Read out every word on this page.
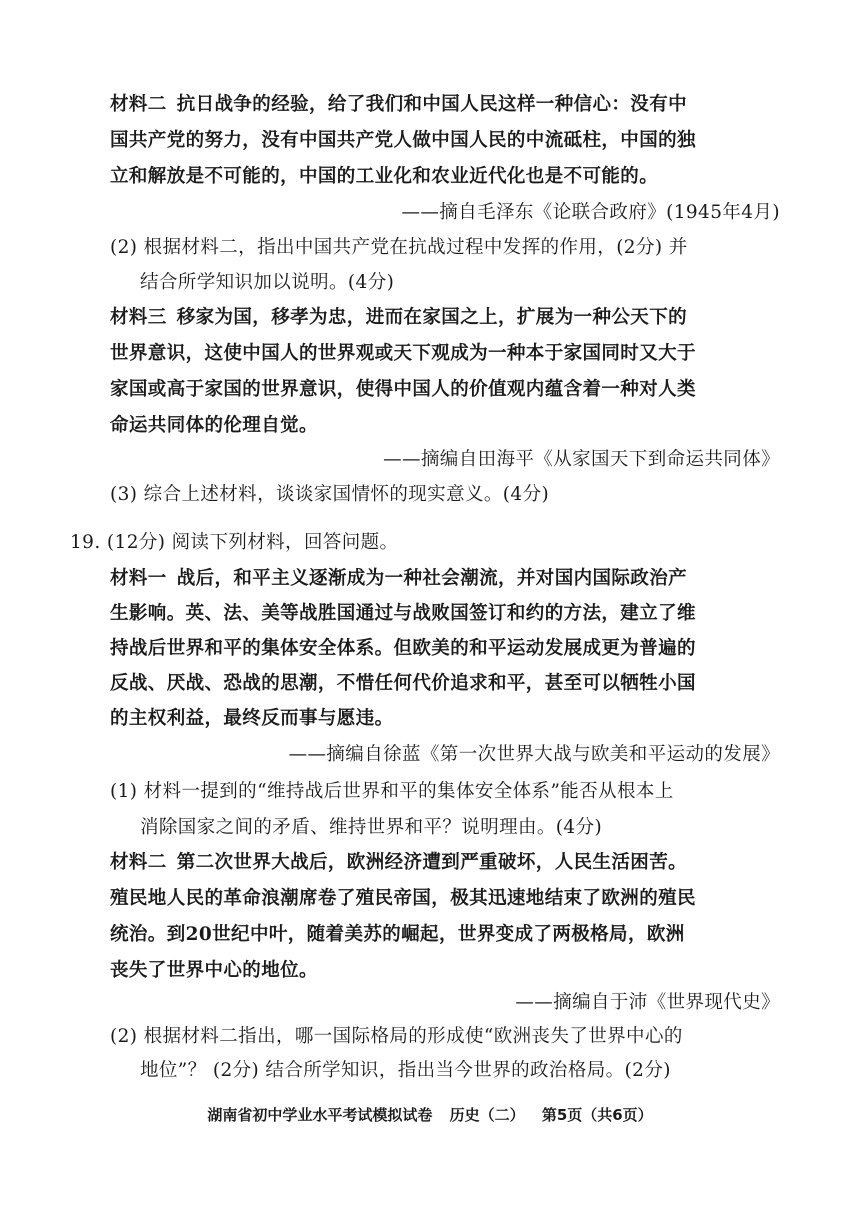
材料二 抗日战争的经验，给了我们和中国人民这样一种信心：没有中
国共产党的努力，没有中国共产党人做中国人民的中流砥柱，中国的独
立和解放是不可能的，中国的工业化和农业近代化也是不可能的。
——摘自毛泽东《论联合政府》(1945年4月)
(2) 根据材料二，指出中国共产党在抗战过程中发挥的作用，(2分) 并
结合所学知识加以说明。(4分)
材料三 移家为国，移孝为忠，进而在家国之上，扩展为一种公天下的
世界意识，这使中国人的世界观或天下观成为一种本于家国同时又大于
家国或高于家国的世界意识，使得中国人的价值观内蕴含着一种对人类
命运共同体的伦理自觉。
——摘编自田海平《从家国天下到命运共同体》
(3) 综合上述材料，谈谈家国情怀的现实意义。(4分)
19. (12分) 阅读下列材料，回答问题。
材料一 战后，和平主义逐渐成为一种社会潮流，并对国内国际政治产
生影响。英、法、美等战胜国通过与战败国签订和约的方法，建立了维
持战后世界和平的集体安全体系。但欧美的和平运动发展成更为普遍的
反战、厌战、恐战的思潮，不惜任何代价追求和平，甚至可以牺牲小国
的主权利益，最终反而事与愿违。
——摘编自徐蓝《第一次世界大战与欧美和平运动的发展》
(1) 材料一提到的“维持战后世界和平的集体安全体系”能否从根本上
消除国家之间的矛盾、维持世界和平？说明理由。(4分)
材料二 第二次世界大战后，欧洲经济遭到严重破坏，人民生活困苦。
殖民地人民的革命浪潮席卷了殖民帝国，极其迅速地结束了欧洲的殖民
统治。到20世纪中叶，随着美苏的崛起，世界变成了两极格局，欧洲
丧失了世界中心的地位。
——摘编自于沛《世界现代史》
(2) 根据材料二指出，哪一国际格局的形成使“欧洲丧失了世界中心的
地位”？ (2分) 结合所学知识，指出当今世界的政治格局。(2分)
湖南省初中学业水平考试模拟试卷 历史（二） 第5页（共6页）
